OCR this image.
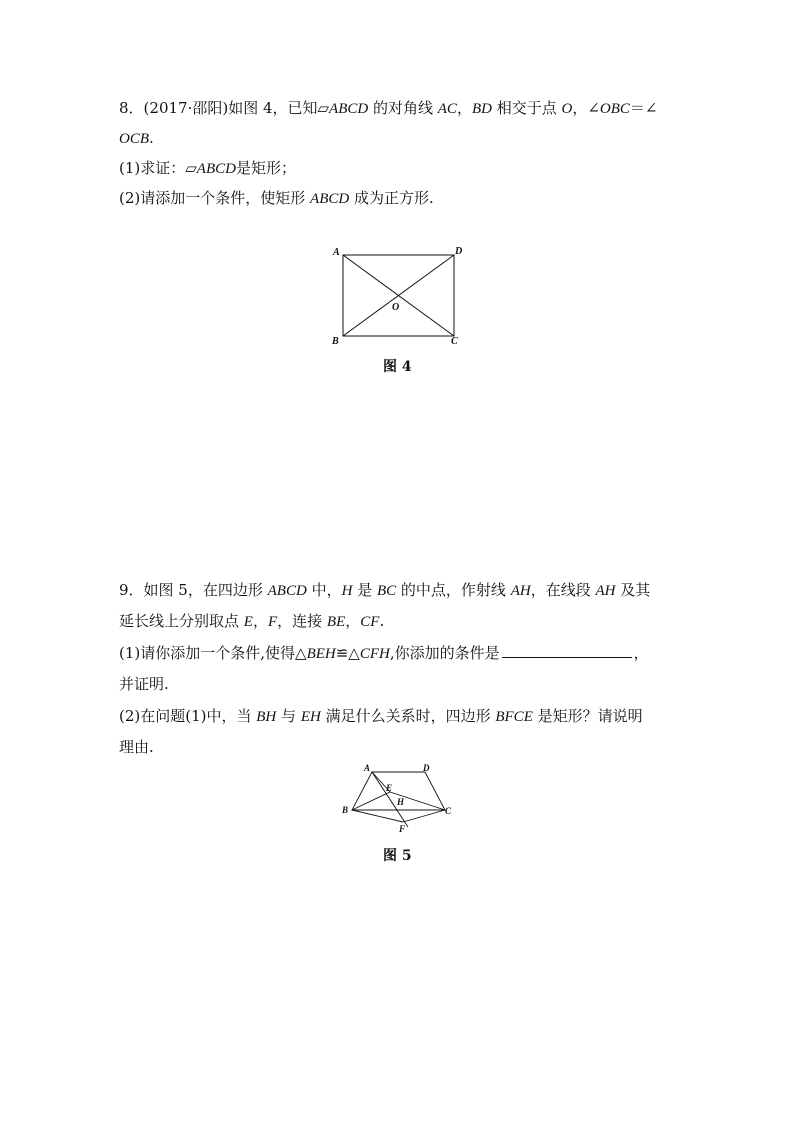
8．(2017·邵阳)如图 4，已知▱ABCD 的对角线 AC，BD 相交于点 O，∠OBC＝∠
OCB.
(1)求证：▱ABCD是矩形；
(2)请添加一个条件，使矩形 ABCD 成为正方形.
A	D
O
B	C
图 4
9．如图 5，在四边形 ABCD 中，H 是 BC 的中点，作射线 AH，在线段 AH 及其
延长线上分别取点 E，F，连接 BE，CF.
(1)请你添加一个条件,使得△BEH≌△CFH,你添加的条件是	，
并证明.
(2)在问题(1)中，当 BH 与 EH 满足什么关系时，四边形 BFCE 是矩形？请说明
理由.
A	D
E
H
B	C
F
图 5
